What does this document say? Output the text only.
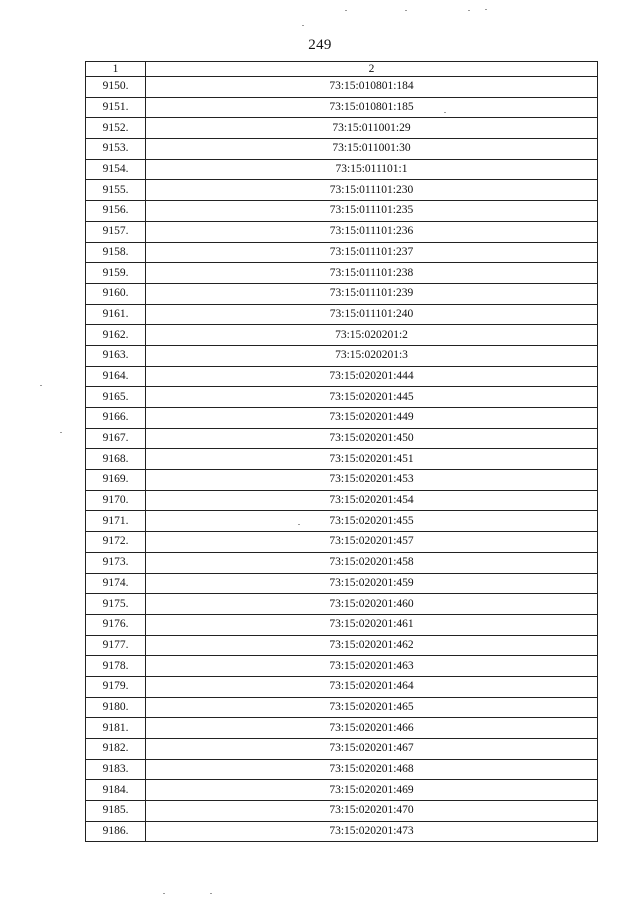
249
1	2
9150.	73:15:010801:184
9151.	73:15:010801:185
9152.	73:15:011001:29
9153.	73:15:011001:30
9154.	73:15:011101:1
9155.	73:15:011101:230
9156.	73:15:011101:235
9157.	73:15:011101:236
9158.	73:15:011101:237
9159.	73:15:011101:238
9160.	73:15:011101:239
9161.	73:15:011101:240
9162.	73:15:020201:2
9163.	73:15:020201:3
9164.	73:15:020201:444
9165.	73:15:020201:445
9166.	73:15:020201:449
9167.	73:15:020201:450
9168.	73:15:020201:451
9169.	73:15:020201:453
9170.	73:15:020201:454
9171.	73:15:020201:455
9172.	73:15:020201:457
9173.	73:15:020201:458
9174.	73:15:020201:459
9175.	73:15:020201:460
9176.	73:15:020201:461
9177.	73:15:020201:462
9178.	73:15:020201:463
9179.	73:15:020201:464
9180.	73:15:020201:465
9181.	73:15:020201:466
9182.	73:15:020201:467
9183.	73:15:020201:468
9184.	73:15:020201:469
9185.	73:15:020201:470
9186.	73:15:020201:473
